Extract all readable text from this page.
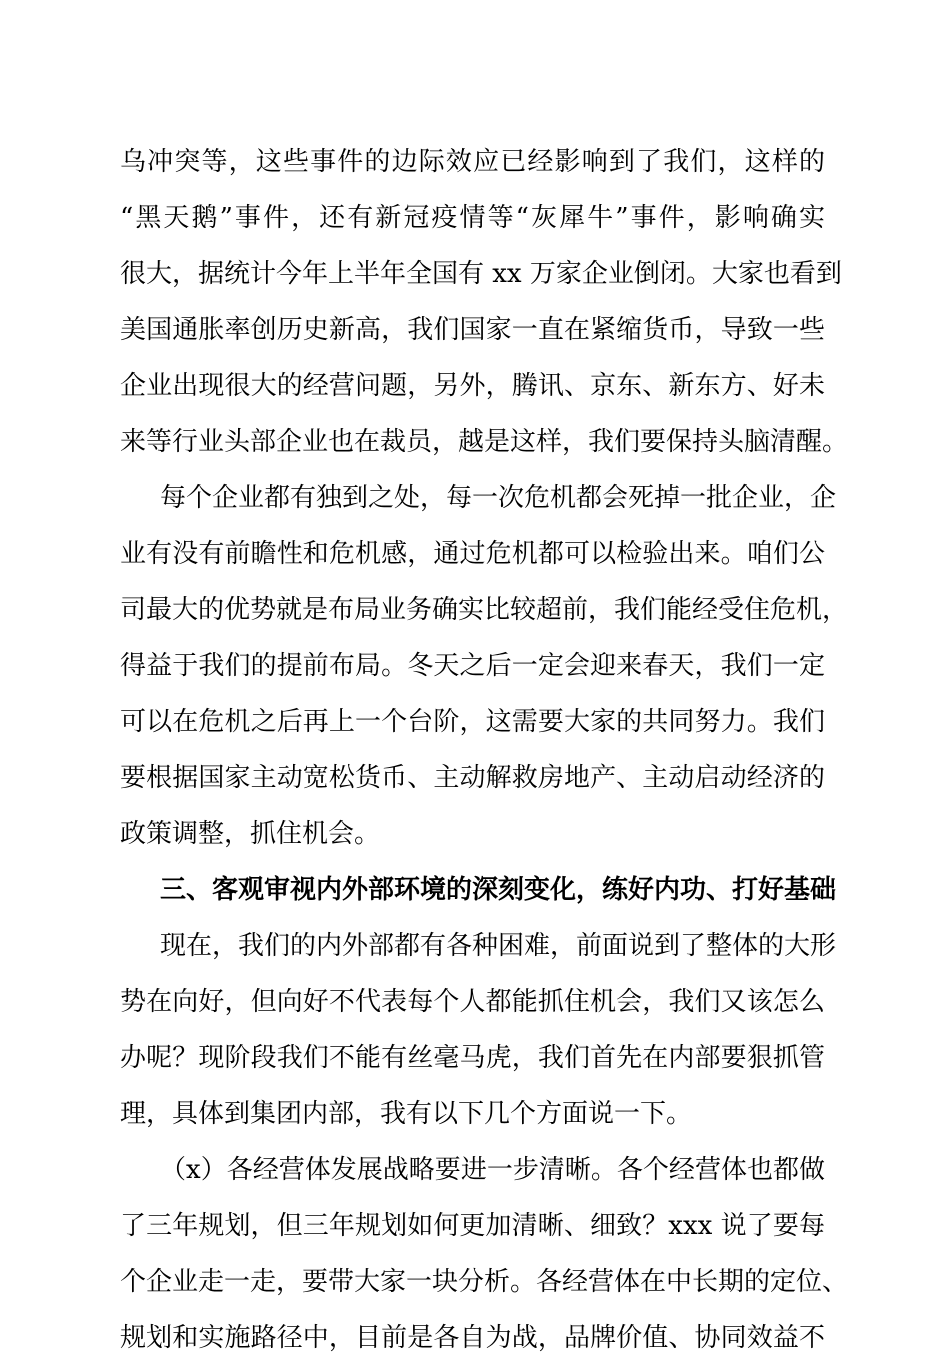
乌冲突等，这些事件的边际效应已经影响到了我们，这样的
“黑天鹅”事件，还有新冠疫情等“灰犀牛”事件，影响确实
很大，据统计今年上半年全国有 xx 万家企业倒闭。大家也看到
美国通胀率创历史新高，我们国家一直在紧缩货币，导致一些
企业出现很大的经营问题，另外，腾讯、京东、新东方、好未
来等行业头部企业也在裁员，越是这样，我们要保持头脑清醒。
每个企业都有独到之处，每一次危机都会死掉一批企业，企
业有没有前瞻性和危机感，通过危机都可以检验出来。咱们公
司最大的优势就是布局业务确实比较超前，我们能经受住危机，
得益于我们的提前布局。冬天之后一定会迎来春天，我们一定
可以在危机之后再上一个台阶，这需要大家的共同努力。我们
要根据国家主动宽松货币、主动解救房地产、主动启动经济的
政策调整，抓住机会。
三、客观审视内外部环境的深刻变化，练好内功、打好基础
现在，我们的内外部都有各种困难，前面说到了整体的大形
势在向好，但向好不代表每个人都能抓住机会，我们又该怎么
办呢？现阶段我们不能有丝毫马虎，我们首先在内部要狠抓管
理，具体到集团内部，我有以下几个方面说一下。
（x）各经营体发展战略要进一步清晰。各个经营体也都做
了三年规划，但三年规划如何更加清晰、细致？xxx 说了要每
个企业走一走，要带大家一块分析。各经营体在中长期的定位、
规划和实施路径中，目前是各自为战，品牌价值、协同效益不
